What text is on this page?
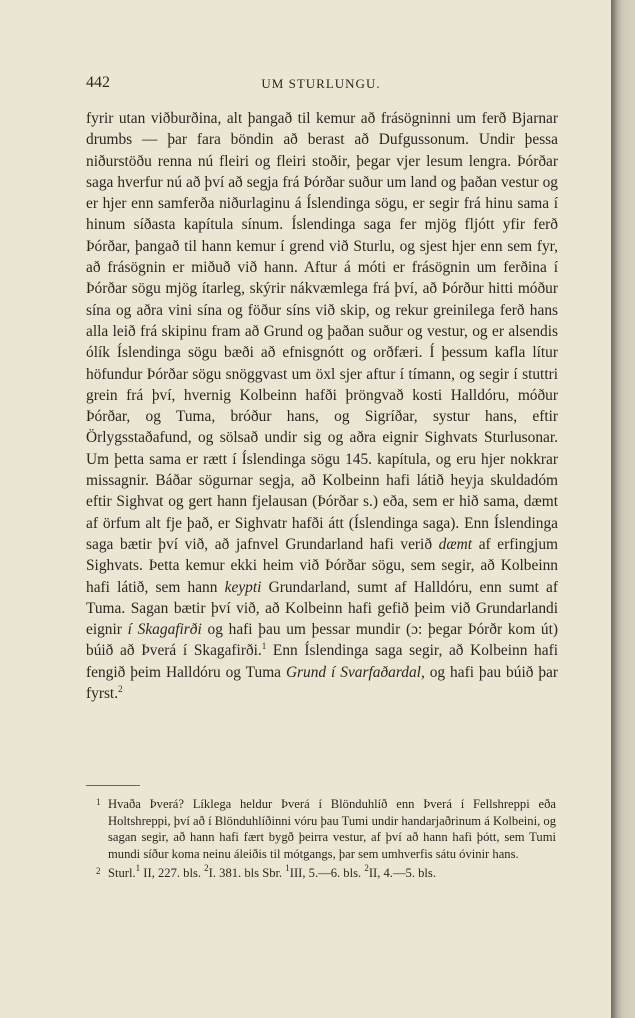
442	UM STURLUNGU.

fyrir utan viðburðina, alt þangað til kemur að frásögninni um ferð Bjarnar drumbs — þar fara böndin að berast að Dufgussonum. Undir þessa niðurstöðu renna nú fleiri og fleiri stoðir, þegar vjer lesum lengra. Þórðar saga hverfur nú að því að segja frá Þórðar suður um land og þaðan vestur og er hjer enn samferða niðurlaginu á Íslendinga sögu, er segir frá hinu sama í hinum síðasta kapítula sínum. Íslendinga saga fer mjög fljótt yfir ferð Þórðar, þangað til hann kemur í grend við Sturlu, og sjest hjer enn sem fyr, að frásögnin er miðuð við hann. Aftur á móti er frásögnin um ferðina í Þórðar sögu mjög ítarleg, skýrir nákvæmlega frá því, að Þórður hitti móður sína og aðra vini sína og föður síns við skip, og rekur greinilega ferð hans alla leið frá skipinu fram að Grund og þaðan suður og vestur, og er alsendis ólík Íslendinga sögu bæði að efnisgnótt og orðfæri. Í þessum kafla lítur höfundur Þórðar sögu snöggvast um öxl sjer aftur í tímann, og segir í stuttri grein frá því, hvernig Kolbeinn hafði þröngvað kosti Halldóru, móður Þórðar, og Tuma, bróður hans, og Sigríðar, systur hans, eftir Örlygsstaðafund, og sölsað undir sig og aðra eignir Sighvats Sturlusonar. Um þetta sama er rætt í Íslendinga sögu 145. kapítula, og eru hjer nokkrar missagnir. Báðar sögurnar segja, að Kolbeinn hafi látið heyja skuldadóm eftir Sighvat og gert hann fjelausan (Þórðar s.) eða, sem er hið sama, dæmt af örfum alt fje það, er Sighvatr hafði átt (Íslendinga saga). Enn Íslendinga saga bætir því við, að jafnvel Grundarland hafi verið dæmt af erfingjum Sighvats. Þetta kemur ekki heim við Þórðar sögu, sem segir, að Kolbeinn hafi látið, sem hann keypti Grundarland, sumt af Halldóru, enn sumt af Tuma. Sagan bætir því við, að Kolbeinn hafi gefið þeim við Grundarlandi eignir í Skagafirði og hafi þau um þessar mundir (ɔ: þegar Þórðr kom út) búið að Þverá í Skagafirði.$^1$ Enn Íslendinga saga segir, að Kolbeinn hafi fengið þeim Halldóru og Tuma Grund í Svarfaðardal, og hafi þau búið þar fyrst.$^2$

1 Hvaða Þverá? Líklega heldur Þverá í Blönduhlíð enn Þverá í Fellshreppi eða Holtshreppi, því að í Blönduhlíðinni vóru þau Tumi undir handarjaðrinum á Kolbeini, og sagan segir, að hann hafi fært bygð þeirra vestur, af því að hann hafi þótt, sem Tumi mundi síður koma neinu áleiðis til mótgangs, þar sem umhverfis sátu óvinir hans.
2 Sturl.$^1$ II, 227. bls. $^2$I. 381. bls Sbr. $^1$III, 5.—6. bls. $^2$II, 4.—5. bls.
